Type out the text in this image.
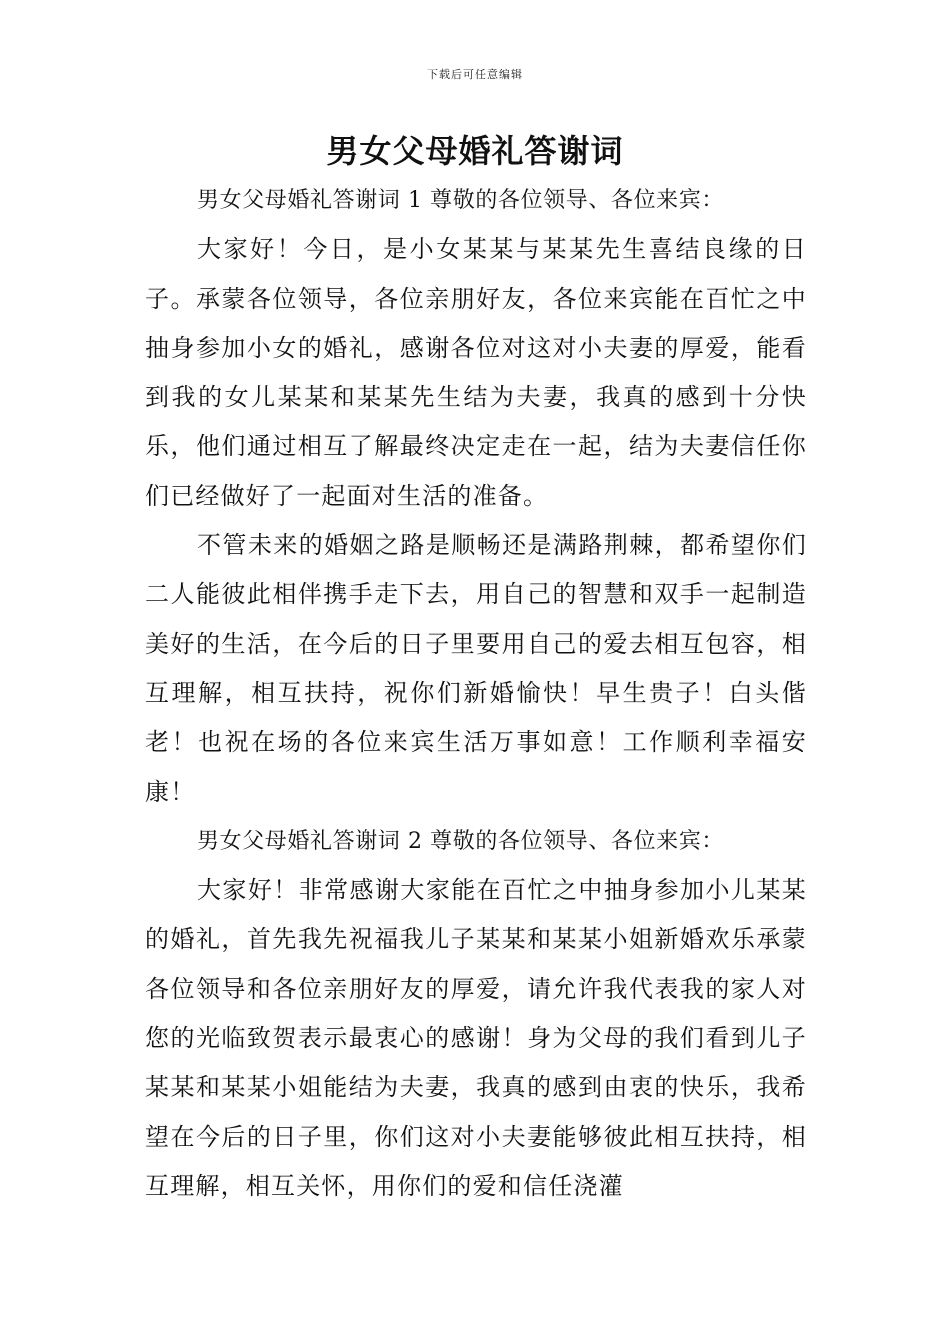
下载后可任意编辑
男女父母婚礼答谢词

男女父母婚礼答谢词 1 尊敬的各位领导、各位来宾：

大家好！今日，是小女某某与某某先生喜结良缘的日子。承蒙各位领导，各位亲朋好友，各位来宾能在百忙之中抽身参加小女的婚礼，感谢各位对这对小夫妻的厚爱，能看到我的女儿某某和某某先生结为夫妻，我真的感到十分快乐，他们通过相互了解最终决定走在一起，结为夫妻信任你们已经做好了一起面对生活的准备。

不管未来的婚姻之路是顺畅还是满路荆棘，都希望你们二人能彼此相伴携手走下去，用自己的智慧和双手一起制造美好的生活，在今后的日子里要用自己的爱去相互包容，相互理解，相互扶持，祝你们新婚愉快！早生贵子！白头偕老！也祝在场的各位来宾生活万事如意！工作顺利幸福安康！

男女父母婚礼答谢词 2 尊敬的各位领导、各位来宾：

大家好！非常感谢大家能在百忙之中抽身参加小儿某某的婚礼，首先我先祝福我儿子某某和某某小姐新婚欢乐承蒙各位领导和各位亲朋好友的厚爱，请允许我代表我的家人对您的光临致贺表示最衷心的感谢！身为父母的我们看到儿子某某和某某小姐能结为夫妻，我真的感到由衷的快乐，我希望在今后的日子里，你们这对小夫妻能够彼此相互扶持，相互理解，相互关怀，用你们的爱和信任浇灌
